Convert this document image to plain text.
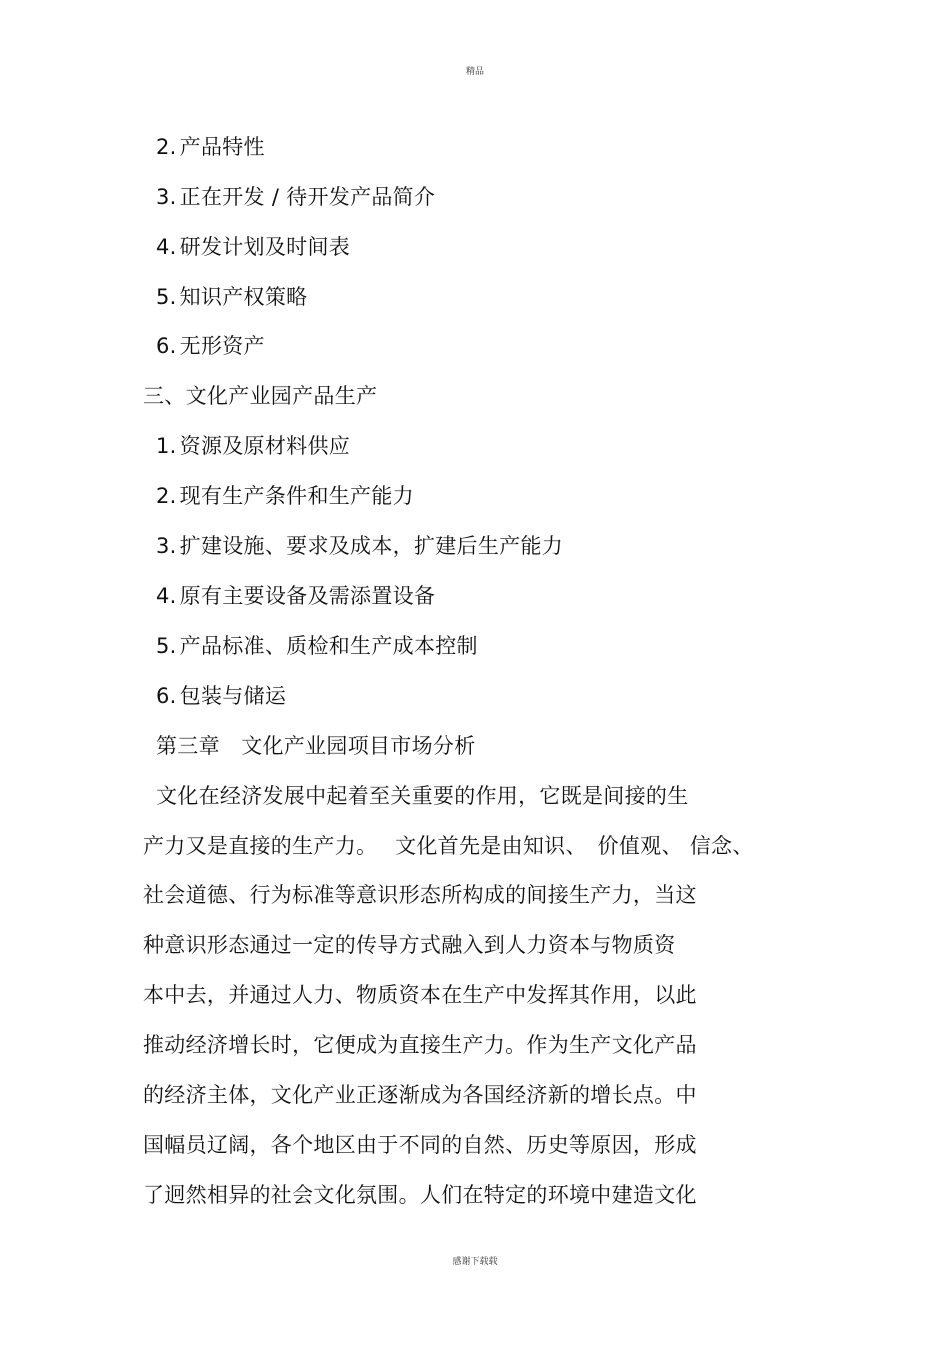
精品
2. 产品特性
3. 正在开发 / 待开发产品简介
4. 研发计划及时间表
5. 知识产权策略
6. 无形资产
三、文化产业园产品生产
1. 资源及原材料供应
2. 现有生产条件和生产能力
3. 扩建设施、要求及成本，扩建后生产能力
4. 原有主要设备及需添置设备
5. 产品标准、质检和生产成本控制
6. 包装与储运
第三章　文化产业园项目市场分析
文化在经济发展中起着至关重要的作用，它既是间接的生
产力又是直接的生产力。　 文化首先是由知识、　价值观、 信念、
社会道德、行为标准等意识形态所构成的间接生产力，当这
种意识形态通过一定的传导方式融入到人力资本与物质资
本中去，并通过人力、物质资本在生产中发挥其作用，以此
推动经济增长时，它便成为直接生产力。作为生产文化产品
的经济主体，文化产业正逐渐成为各国经济新的增长点。中
国幅员辽阔，各个地区由于不同的自然、历史等原因，形成
了迥然相异的社会文化氛围。人们在特定的环境中建造文化
感谢下载载
